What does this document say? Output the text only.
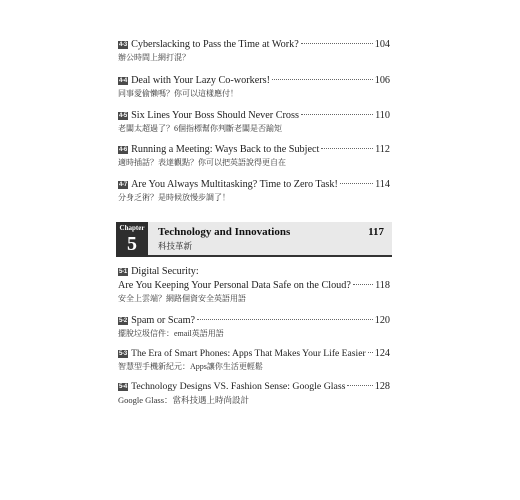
4-3 Cyberslacking to Pass the Time at Work?	104
辦公時間上網打混？
4-4 Deal with Your Lazy Co-workers!	106
同事愛偷懶嗎？你可以這樣應付！
4-5 Six Lines Your Boss Should Never Cross	110
老闆太超過了？6個指標幫你判斷老闆是否踰矩
4-6 Running a Meeting: Ways Back to the Subject	112
適時插話？表達觀點？你可以把英語說得更自在
4-7 Are You Always Multitasking? Time to Zero Task!	114
分身乏術？是時候放慢步調了！
Chapter
5
Technology and Innovations
科技革新
117
5-1 Digital Security:
Are You Keeping Your Personal Data Safe on the Cloud? 118
安全上雲端？網路個資安全英語用語
5-2 Spam or Scam?	120
擺脫垃圾信件：email英語用語
5-3 The Era of Smart Phones: Apps That Makes Your Life Easier 124
智慧型手機新紀元：Apps讓你生活更輕鬆
5-4 Technology Designs VS. Fashion Sense: Google Glass	128
Google Glass：當科技遇上時尚設計
